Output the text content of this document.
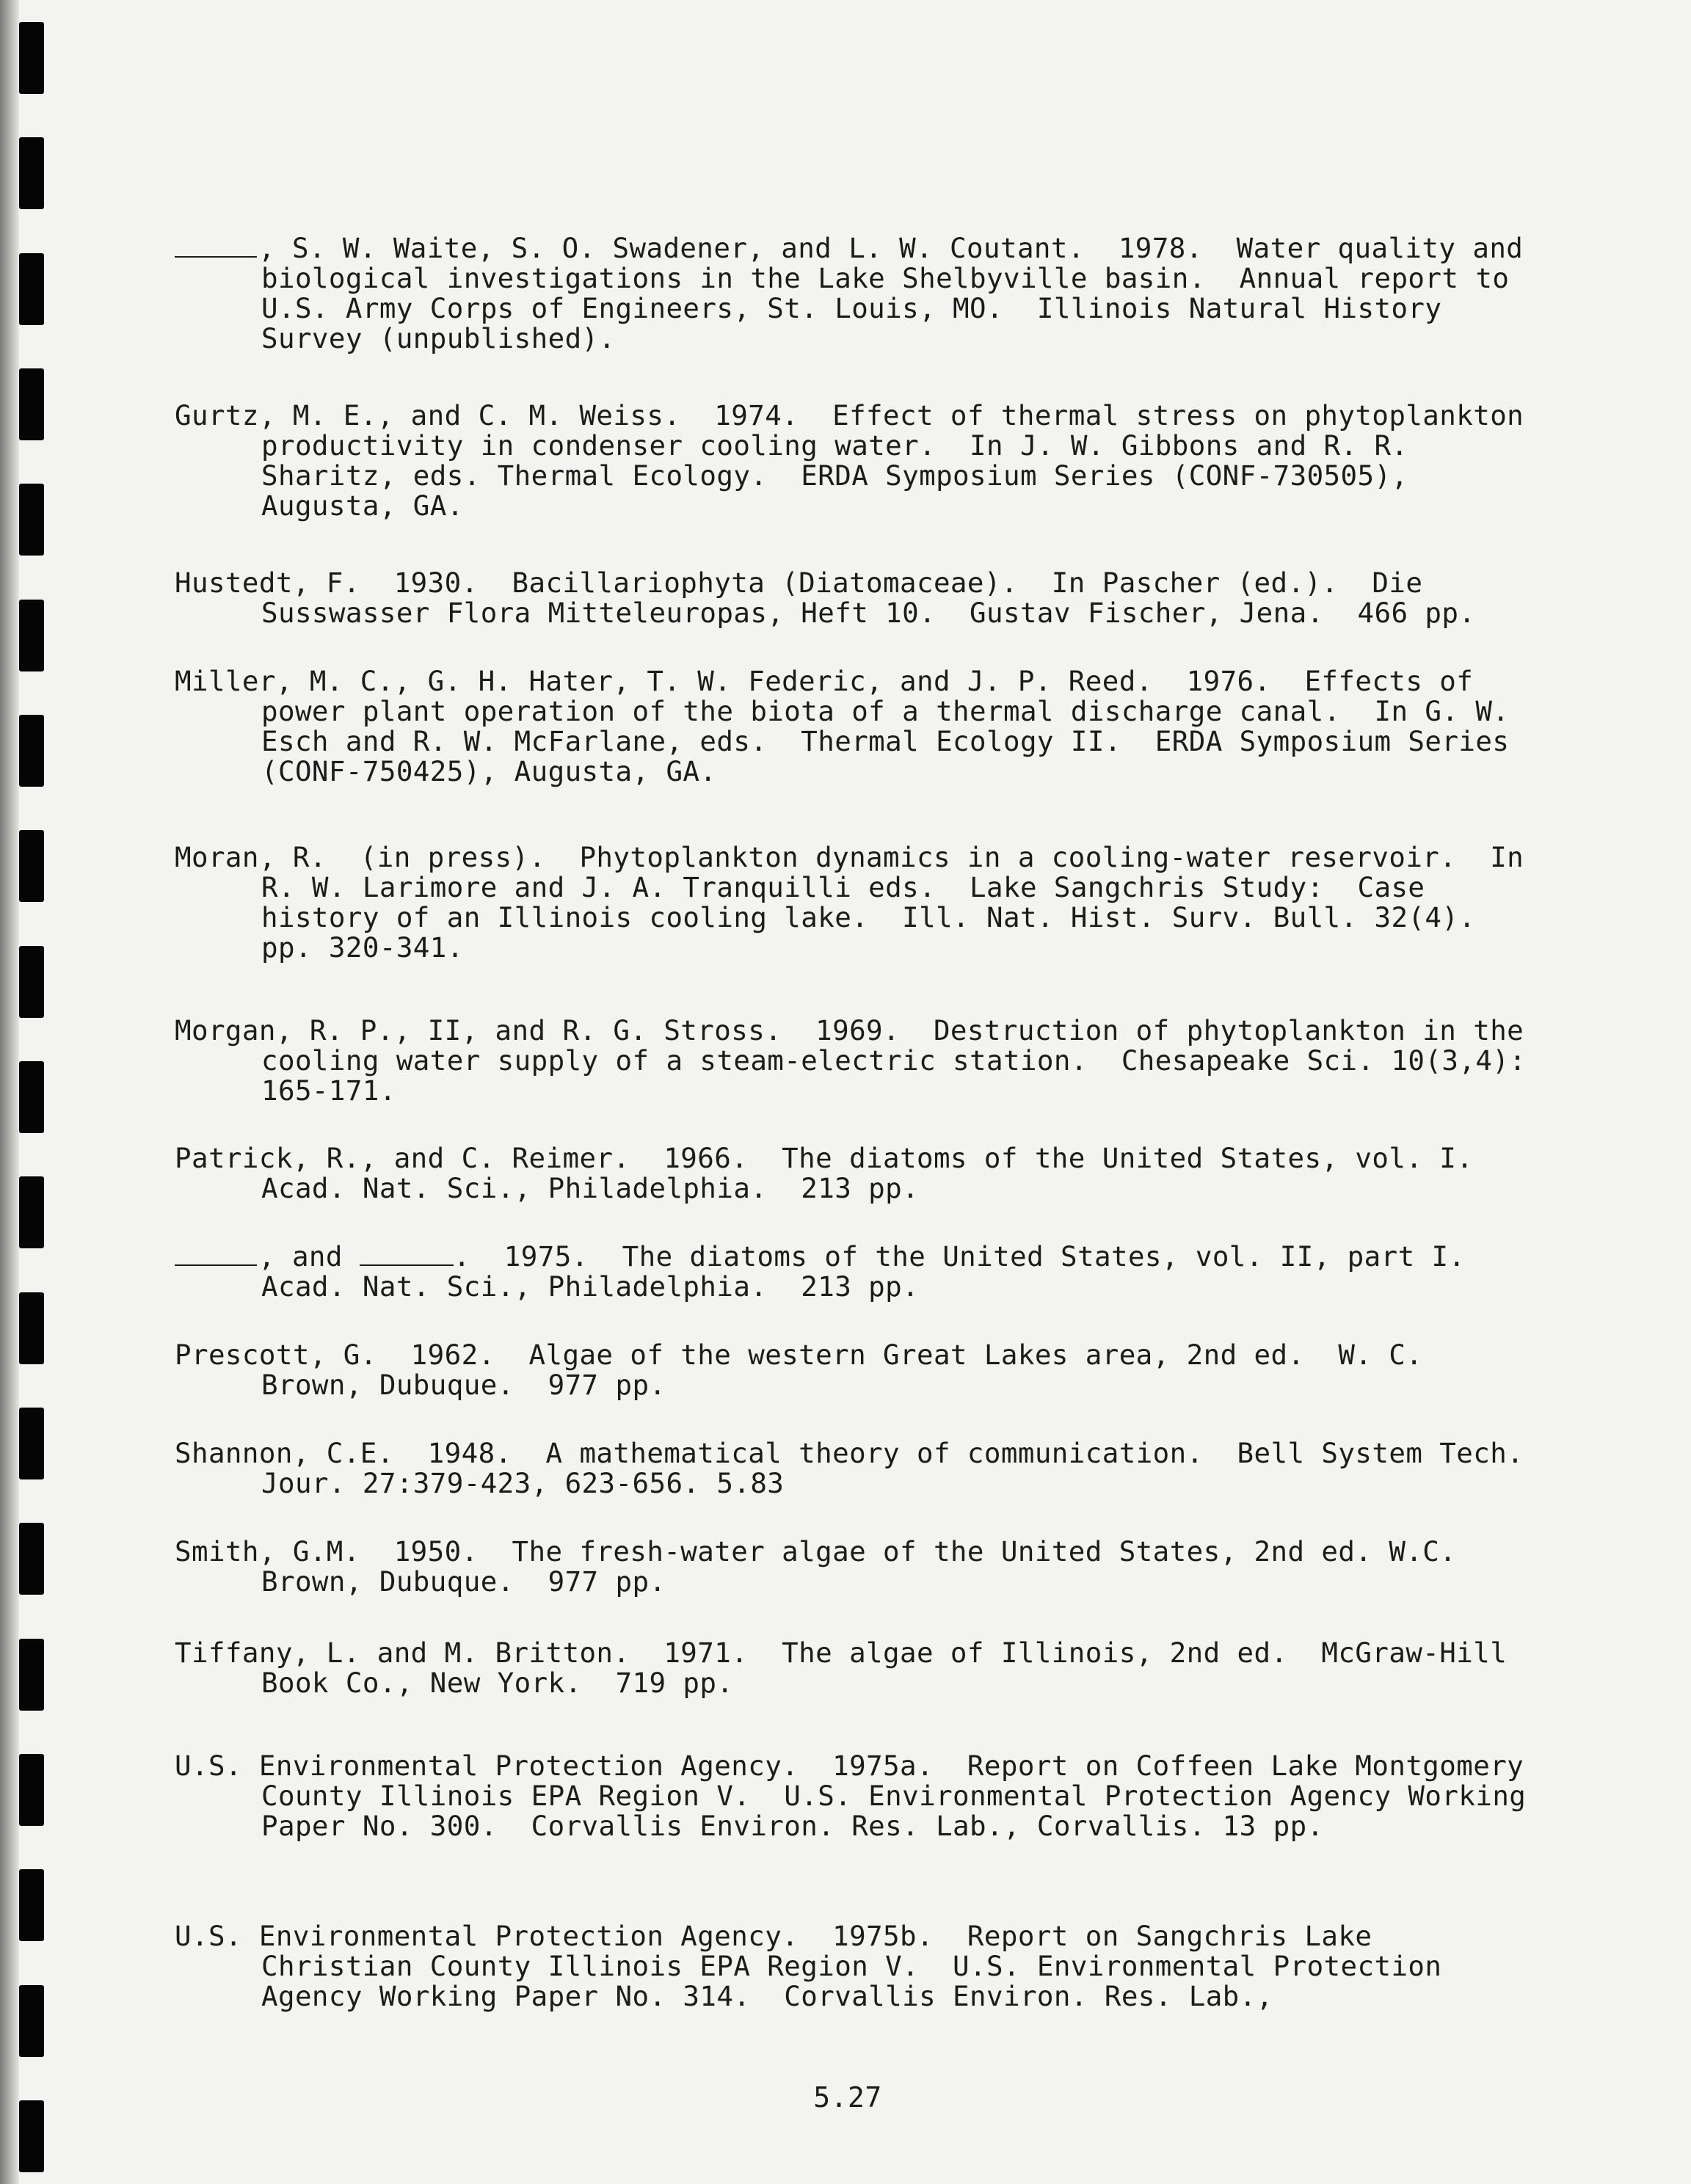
, S. W. Waite, S. O. Swadener, and L. W. Coutant.  1978.  Water quality and biological investigations in the Lake Shelbyville basin.  Annual report to U.S. Army Corps of Engineers, St. Louis, MO.  Illinois Natural History Survey (unpublished).
Gurtz, M. E., and C. M. Weiss.  1974.  Effect of thermal stress on phytoplankton productivity in condenser cooling water.  In J. W. Gibbons and R. R. Sharitz, eds. Thermal Ecology.  ERDA Symposium Series (CONF-730505), Augusta, GA.
Hustedt, F.  1930.  Bacillariophyta (Diatomaceae).  In Pascher (ed.).  Die Susswasser Flora Mitteleuropas, Heft 10.  Gustav Fischer, Jena.  466 pp.
Miller, M. C., G. H. Hater, T. W. Federic, and J. P. Reed.  1976.  Effects of power plant operation of the biota of a thermal discharge canal.  In G. W. Esch and R. W. McFarlane, eds.  Thermal Ecology II.  ERDA Symposium Series (CONF-750425), Augusta, GA.
Moran, R.  (in press).  Phytoplankton dynamics in a cooling-water reservoir.  In R. W. Larimore and J. A. Tranquilli eds.  Lake Sangchris Study:  Case history of an Illinois cooling lake.  Ill. Nat. Hist. Surv. Bull. 32(4). pp. 320-341.
Morgan, R. P., II, and R. G. Stross.  1969.  Destruction of phytoplankton in the cooling water supply of a steam-electric station.  Chesapeake Sci. 10(3,4): 165-171.
Patrick, R., and C. Reimer.  1966.  The diatoms of the United States, vol. I. Acad. Nat. Sci., Philadelphia.  213 pp.
, and	.  1975.  The diatoms of the United States, vol. II, part I. Acad. Nat. Sci., Philadelphia.  213 pp.
Prescott, G.  1962.  Algae of the western Great Lakes area, 2nd ed.  W. C. Brown, Dubuque.  977 pp.
Shannon, C.E.  1948.  A mathematical theory of communication.  Bell System Tech. Jour. 27:379-423, 623-656. 5.83
Smith, G.M.  1950.  The fresh-water algae of the United States, 2nd ed. W.C. Brown, Dubuque.  977 pp.
Tiffany, L. and M. Britton.  1971.  The algae of Illinois, 2nd ed.  McGraw-Hill Book Co., New York.  719 pp.
U.S. Environmental Protection Agency.  1975a.  Report on Coffeen Lake Montgomery County Illinois EPA Region V.  U.S. Environmental Protection Agency Working Paper No. 300.  Corvallis Environ. Res. Lab., Corvallis. 13 pp.
U.S. Environmental Protection Agency.  1975b.  Report on Sangchris Lake Christian County Illinois EPA Region V.  U.S. Environmental Protection Agency Working Paper No. 314.  Corvallis Environ. Res. Lab.,
5.27
